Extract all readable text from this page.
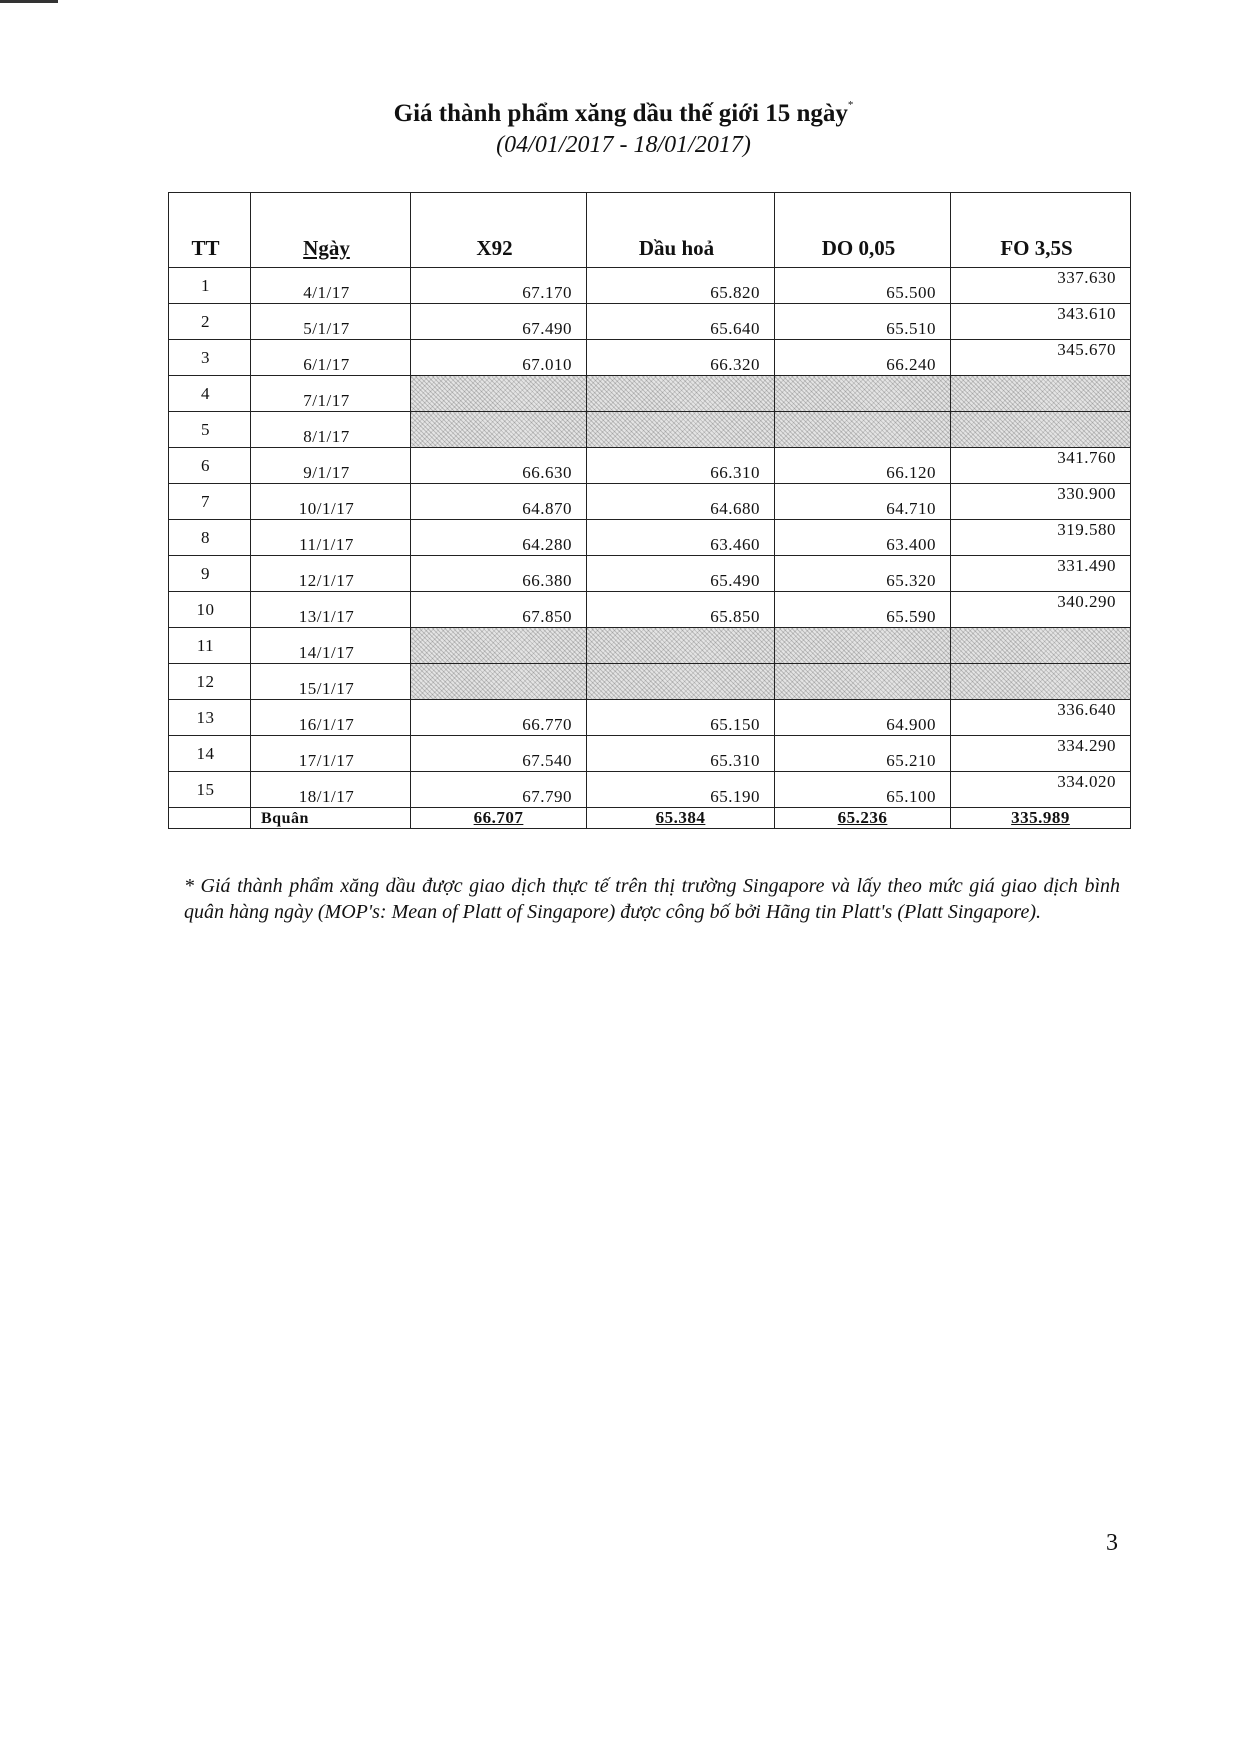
Giá thành phẩm xăng dầu thế giới 15 ngày*
(04/01/2017 - 18/01/2017)
TT	Ngày	X92	Dầu hoả	DO 0,05	FO 3,5S
1	4/1/17	67.170	65.820	65.500	337.630
2	5/1/17	67.490	65.640	65.510	343.610
3	6/1/17	67.010	66.320	66.240	345.670
4	7/1/17				
5	8/1/17				
6	9/1/17	66.630	66.310	66.120	341.760
7	10/1/17	64.870	64.680	64.710	330.900
8	11/1/17	64.280	63.460	63.400	319.580
9	12/1/17	66.380	65.490	65.320	331.490
10	13/1/17	67.850	65.850	65.590	340.290
11	14/1/17				
12	15/1/17				
13	16/1/17	66.770	65.150	64.900	336.640
14	17/1/17	67.540	65.310	65.210	334.290
15	18/1/17	67.790	65.190	65.100	334.020
	Bquân	66.707	65.384	65.236	335.989
* Giá thành phẩm xăng dầu được giao dịch thực tế trên thị trường Singapore và lấy theo mức giá giao dịch bình quân hàng ngày (MOP's: Mean of Platt of Singapore) được công bố bởi Hãng tin Platt's (Platt Singapore).
3
